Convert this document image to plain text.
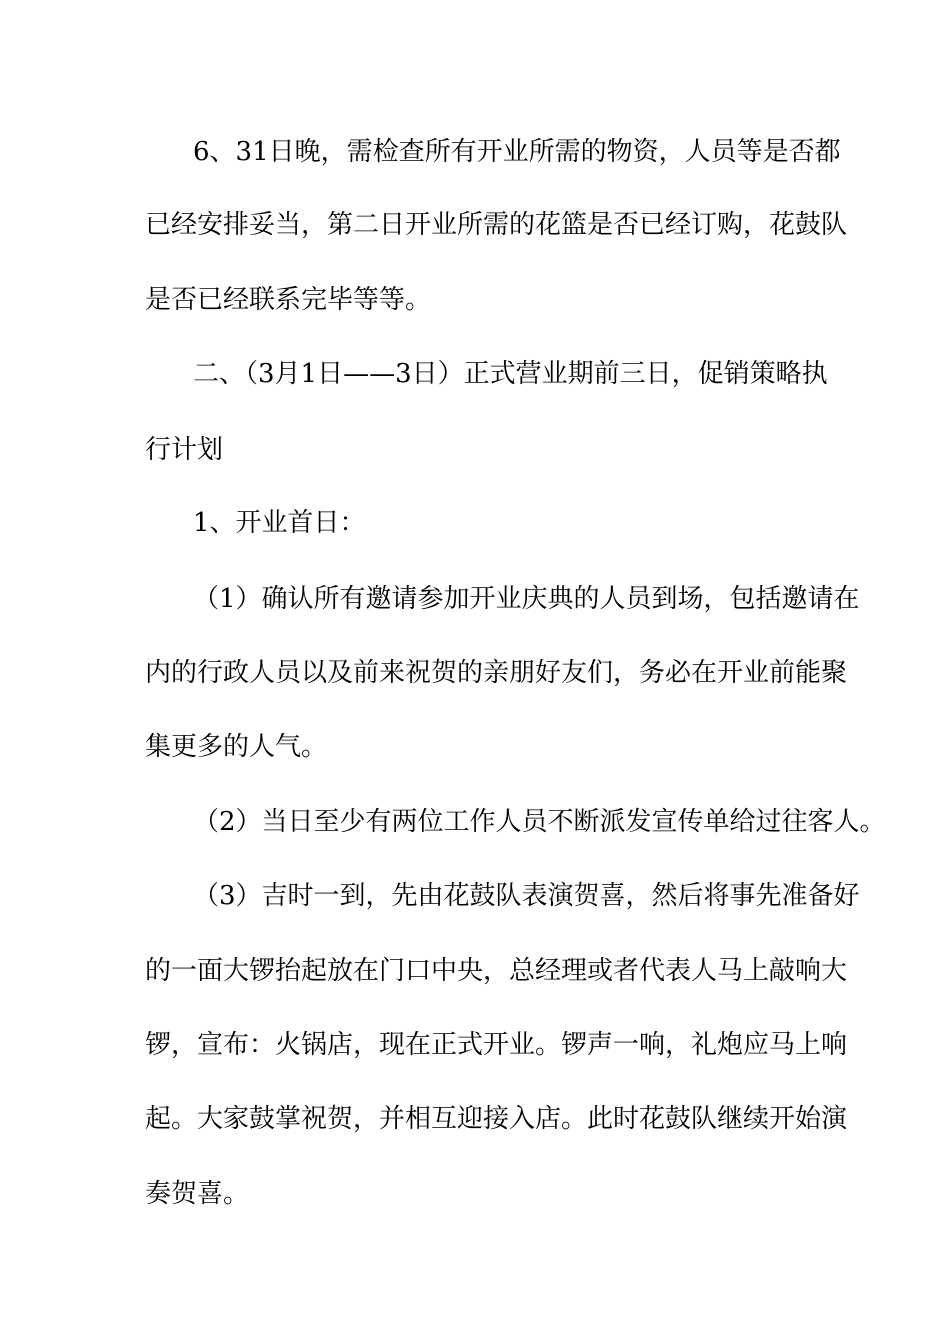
6、31日晚，需检查所有开业所需的物资，人员等是否都
已经安排妥当，第二日开业所需的花篮是否已经订购，花鼓队
是否已经联系完毕等等。
二、（3月1日——3日）正式营业期前三日，促销策略执
行计划
1、开业首日：
（1）确认所有邀请参加开业庆典的人员到场，包括邀请在
内的行政人员以及前来祝贺的亲朋好友们，务必在开业前能聚
集更多的人气。
（2）当日至少有两位工作人员不断派发宣传单给过往客人。
（3）吉时一到，先由花鼓队表演贺喜，然后将事先准备好
的一面大锣抬起放在门口中央，总经理或者代表人马上敲响大
锣，宣布：火锅店，现在正式开业。锣声一响，礼炮应马上响
起。大家鼓掌祝贺，并相互迎接入店。此时花鼓队继续开始演
奏贺喜。
